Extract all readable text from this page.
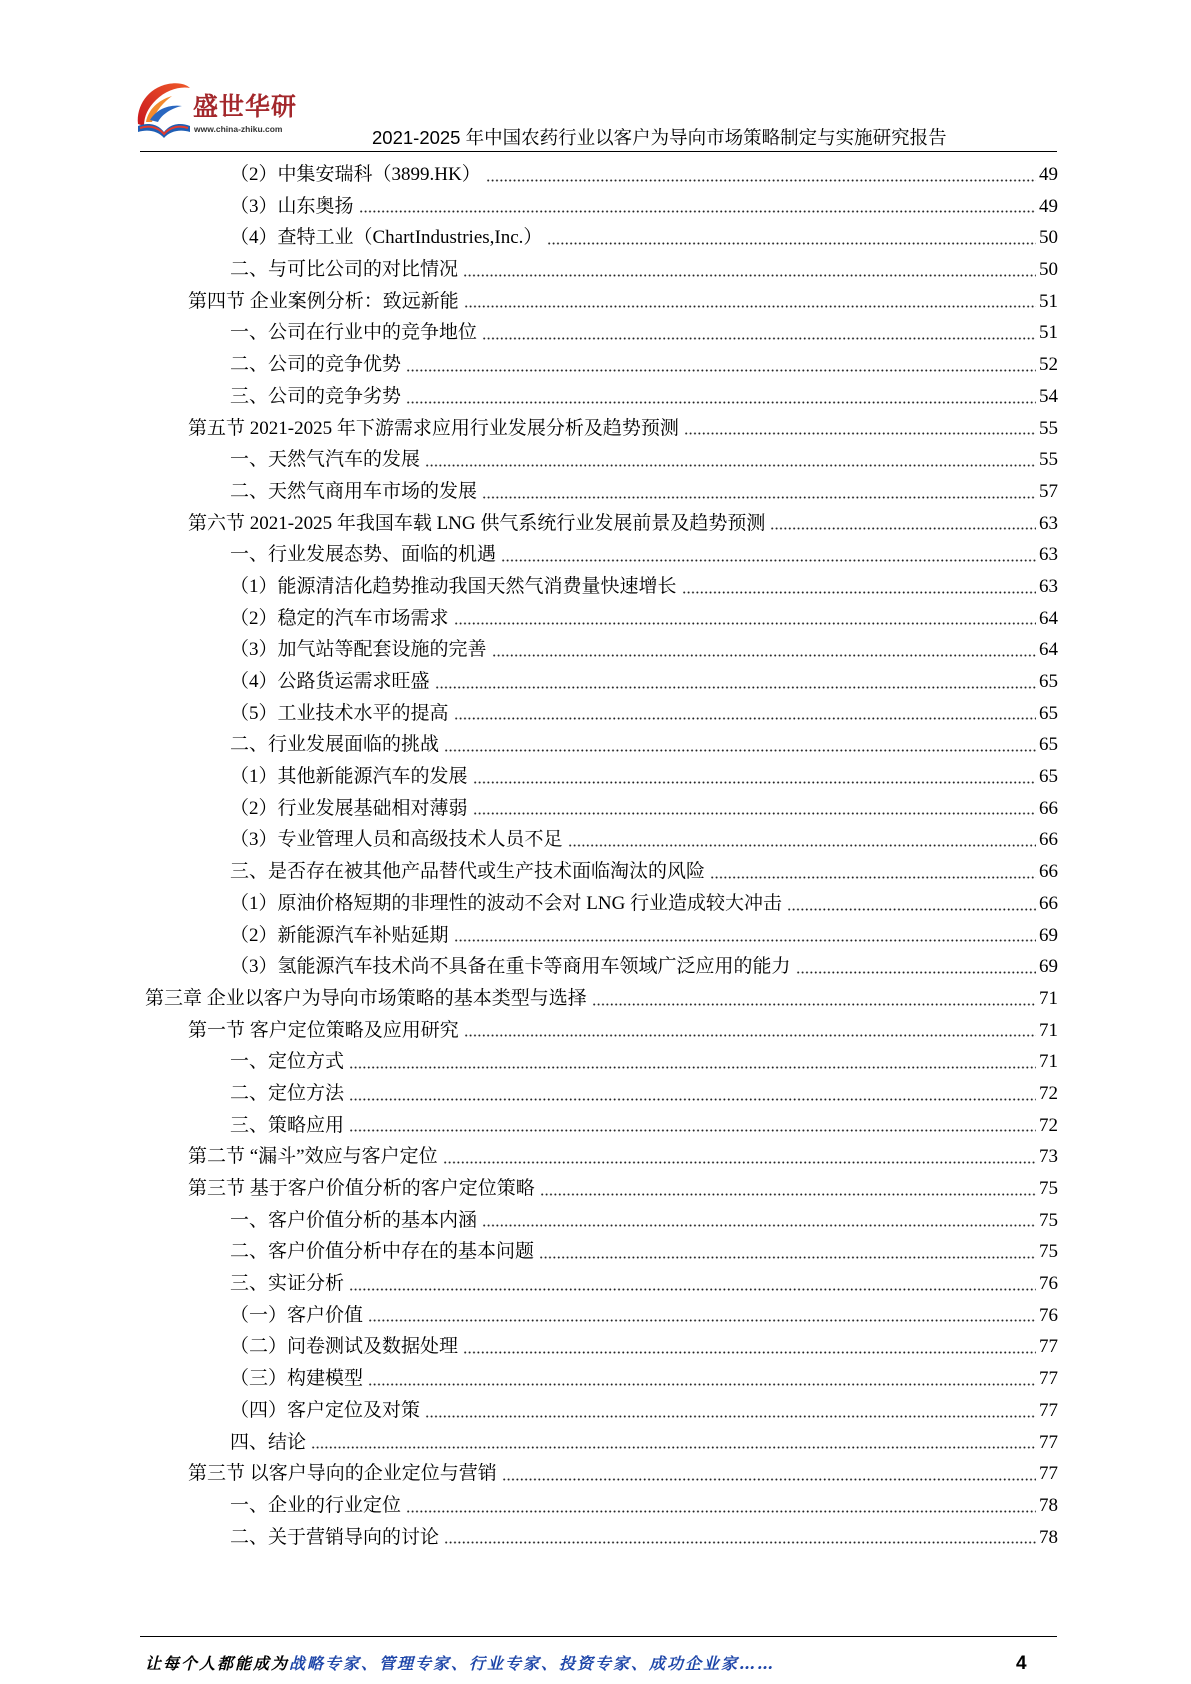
盛世华研
www.china-zhiku.com	2021-2025 年中国农药行业以客户为导向市场策略制定与实施研究报告
（2）中集安瑞科（3899.HK）	49
（3）山东奥扬	49
（4）查特工业（ChartIndustries,Inc.）	50
二、与可比公司的对比情况	50
第四节 企业案例分析：致远新能	51
一、公司在行业中的竞争地位	51
二、公司的竞争优势	52
三、公司的竞争劣势	54
第五节 2021-2025 年下游需求应用行业发展分析及趋势预测	55
一、天然气汽车的发展	55
二、天然气商用车市场的发展	57
第六节 2021-2025 年我国车载 LNG 供气系统行业发展前景及趋势预测	63
一、行业发展态势、面临的机遇	63
（1）能源清洁化趋势推动我国天然气消费量快速增长	63
（2）稳定的汽车市场需求	64
（3）加气站等配套设施的完善	64
（4）公路货运需求旺盛	65
（5）工业技术水平的提高	65
二、行业发展面临的挑战	65
（1）其他新能源汽车的发展	65
（2）行业发展基础相对薄弱	66
（3）专业管理人员和高级技术人员不足	66
三、是否存在被其他产品替代或生产技术面临淘汰的风险	66
（1）原油价格短期的非理性的波动不会对 LNG 行业造成较大冲击	66
（2）新能源汽车补贴延期	69
（3）氢能源汽车技术尚不具备在重卡等商用车领域广泛应用的能力	69
第三章 企业以客户为导向市场策略的基本类型与选择	71
第一节 客户定位策略及应用研究	71
一、定位方式	71
二、定位方法	72
三、策略应用	72
第二节 “漏斗”效应与客户定位	73
第三节 基于客户价值分析的客户定位策略	75
一、客户价值分析的基本内涵	75
二、客户价值分析中存在的基本问题	75
三、实证分析	76
（一）客户价值	76
（二）问卷测试及数据处理	77
（三）构建模型	77
（四）客户定位及对策	77
四、结论	77
第三节 以客户导向的企业定位与营销	77
一、企业的行业定位	78
二、关于营销导向的讨论	78
让每个人都能成为战略专家、管理专家、行业专家、投资专家、成功企业家……	4
